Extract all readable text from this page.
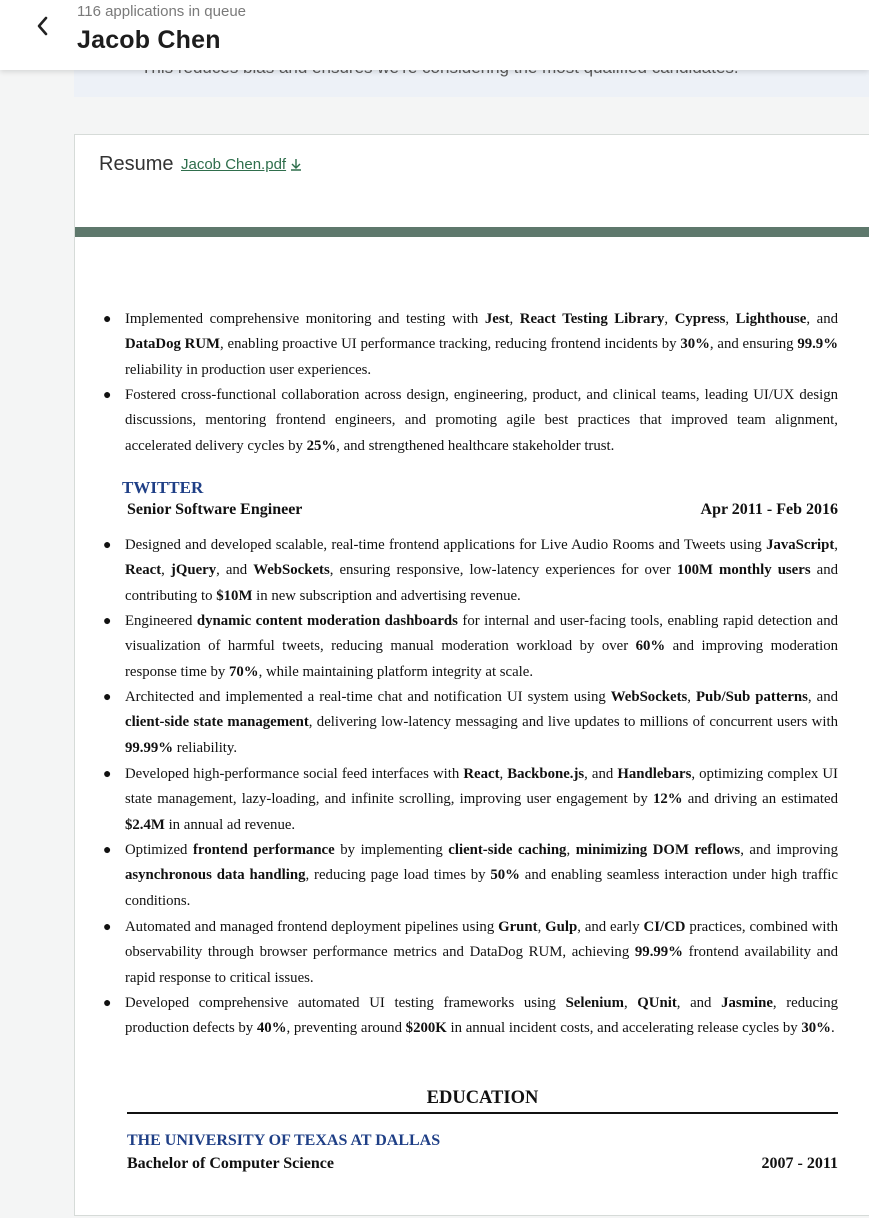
116 applications in queue
Jacob Chen
Resume Jacob Chen.pdf
● Implemented comprehensive monitoring and testing with Jest, React Testing Library, Cypress, Lighthouse, and DataDog RUM, enabling proactive UI performance tracking, reducing frontend incidents by 30%, and ensuring 99.9% reliability in production user experiences.
● Fostered cross-functional collaboration across design, engineering, product, and clinical teams, leading UI/UX design discussions, mentoring frontend engineers, and promoting agile best practices that improved team alignment, accelerated delivery cycles by 25%, and strengthened healthcare stakeholder trust.
TWITTER
Senior Software Engineer	Apr 2011 - Feb 2016
● Designed and developed scalable, real-time frontend applications for Live Audio Rooms and Tweets using JavaScript, React, jQuery, and WebSockets, ensuring responsive, low-latency experiences for over 100M monthly users and contributing to $10M in new subscription and advertising revenue.
● Engineered dynamic content moderation dashboards for internal and user-facing tools, enabling rapid detection and visualization of harmful tweets, reducing manual moderation workload by over 60% and improving moderation response time by 70%, while maintaining platform integrity at scale.
● Architected and implemented a real-time chat and notification UI system using WebSockets, Pub/Sub patterns, and client-side state management, delivering low-latency messaging and live updates to millions of concurrent users with 99.99% reliability.
● Developed high-performance social feed interfaces with React, Backbone.js, and Handlebars, optimizing complex UI state management, lazy-loading, and infinite scrolling, improving user engagement by 12% and driving an estimated $2.4M in annual ad revenue.
● Optimized frontend performance by implementing client-side caching, minimizing DOM reflows, and improving asynchronous data handling, reducing page load times by 50% and enabling seamless interaction under high traffic conditions.
● Automated and managed frontend deployment pipelines using Grunt, Gulp, and early CI/CD practices, combined with observability through browser performance metrics and DataDog RUM, achieving 99.99% frontend availability and rapid response to critical issues.
● Developed comprehensive automated UI testing frameworks using Selenium, QUnit, and Jasmine, reducing production defects by 40%, preventing around $200K in annual incident costs, and accelerating release cycles by 30%.
EDUCATION
THE UNIVERSITY OF TEXAS AT DALLAS
Bachelor of Computer Science	2007 - 2011
